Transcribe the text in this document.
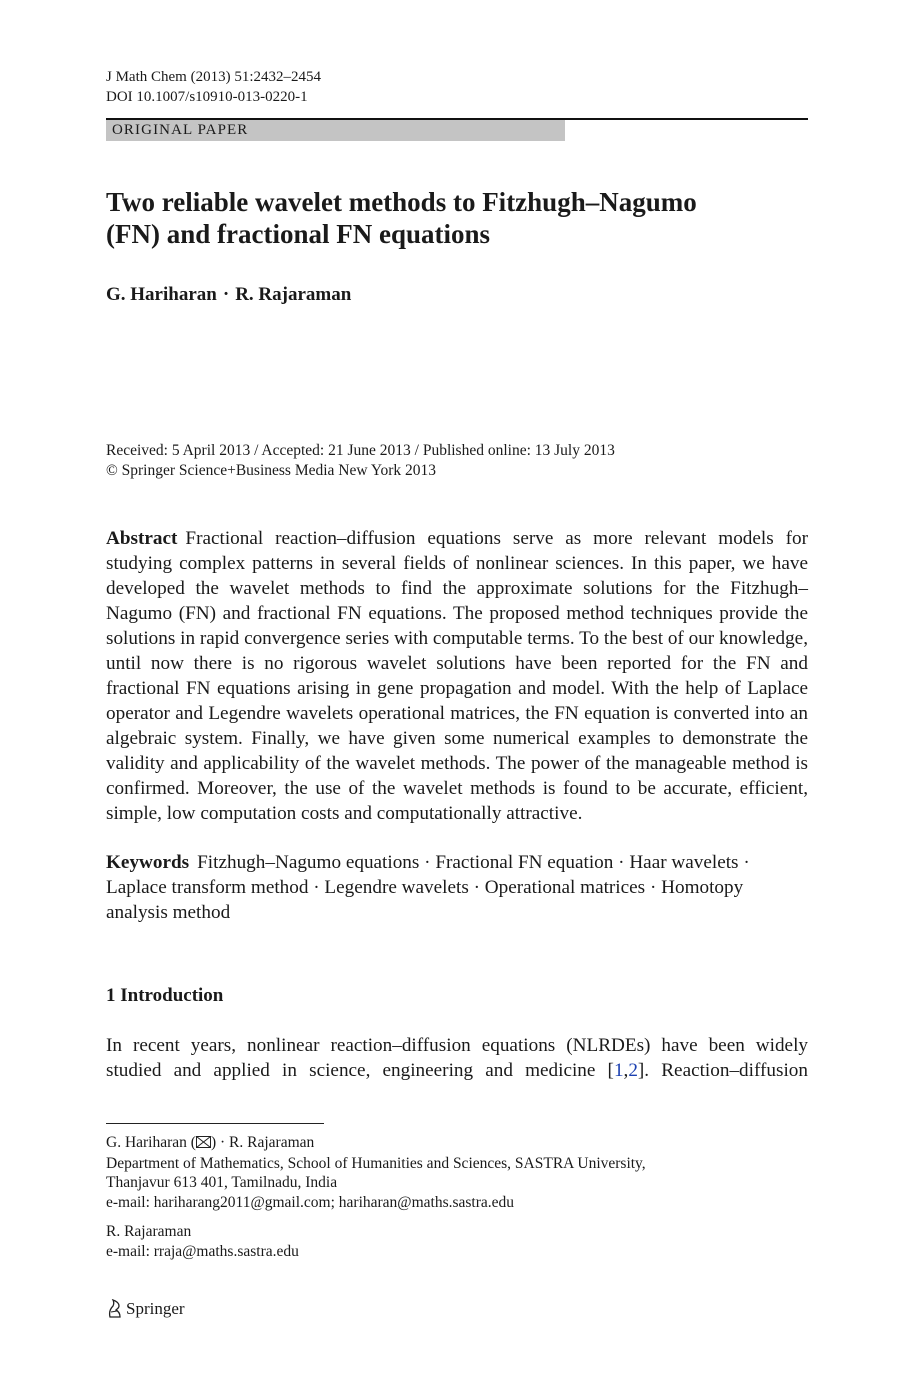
J Math Chem (2013) 51:2432–2454
DOI 10.1007/s10910-013-0220-1
ORIGINAL PAPER
Two reliable wavelet methods to Fitzhugh–Nagumo
(FN) and fractional FN equations
G. Hariharan · R. Rajaraman
Received: 5 April 2013 / Accepted: 21 June 2013 / Published online: 13 July 2013
© Springer Science+Business Media New York 2013
Abstract Fractional reaction–diffusion equations serve as more relevant models for studying complex patterns in several fields of nonlinear sciences. In this paper, we have developed the wavelet methods to find the approximate solutions for the Fitzhugh–Nagumo (FN) and fractional FN equations. The proposed method techniques provide the solutions in rapid convergence series with computable terms. To the best of our knowledge, until now there is no rigorous wavelet solutions have been reported for the FN and fractional FN equations arising in gene propagation and model. With the help of Laplace operator and Legendre wavelets operational matrices, the FN equation is converted into an algebraic system. Finally, we have given some numerical examples to demonstrate the validity and applicability of the wavelet methods. The power of the manageable method is confirmed. Moreover, the use of the wavelet methods is found to be accurate, efficient, simple, low computation costs and computationally attractive.
Keywords Fitzhugh–Nagumo equations · Fractional FN equation · Haar wavelets · Laplace transform method · Legendre wavelets · Operational matrices · Homotopy analysis method
1 Introduction
In recent years, nonlinear reaction–diffusion equations (NLRDEs) have been widely
studied and applied in science, engineering and medicine [1,2]. Reaction–diffusion
G. Hariharan ( ) · R. Rajaraman
Department of Mathematics, School of Humanities and Sciences, SASTRA University,
Thanjavur 613 401, Tamilnadu, India
e-mail: hariharang2011@gmail.com; hariharan@maths.sastra.edu
R. Rajaraman
e-mail: rraja@maths.sastra.edu
Springer
